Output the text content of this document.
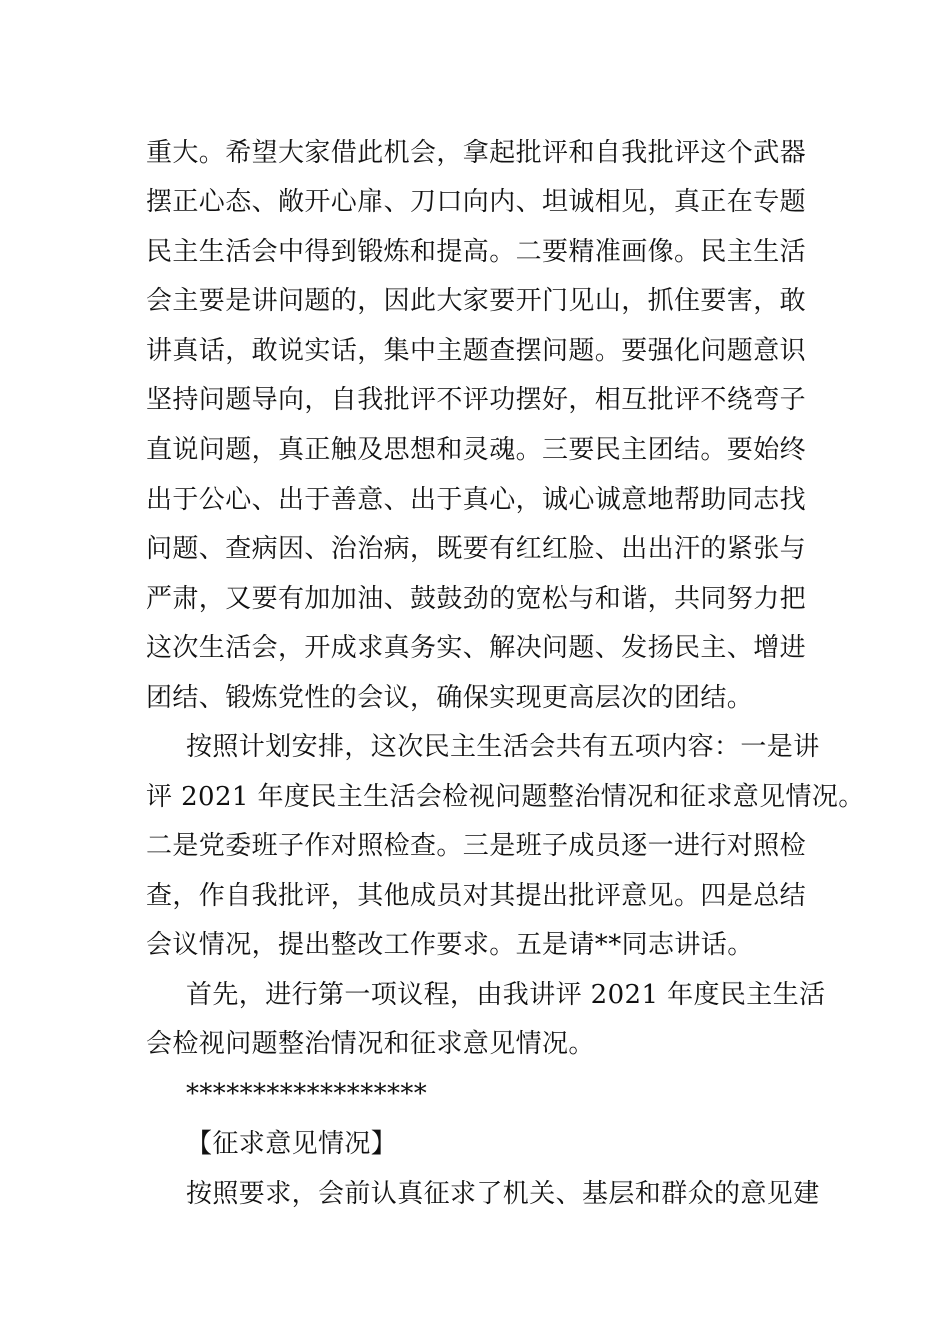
重大。希望大家借此机会，拿起批评和自我批评这个武器
摆正心态、敞开心扉、刀口向内、坦诚相见，真正在专题
民主生活会中得到锻炼和提高。二要精准画像。民主生活
会主要是讲问题的，因此大家要开门见山，抓住要害，敢
讲真话，敢说实话，集中主题查摆问题。要强化问题意识
坚持问题导向，自我批评不评功摆好，相互批评不绕弯子
直说问题，真正触及思想和灵魂。三要民主团结。要始终
出于公心、出于善意、出于真心，诚心诚意地帮助同志找
问题、查病因、治治病，既要有红红脸、出出汗的紧张与
严肃，又要有加加油、鼓鼓劲的宽松与和谐，共同努力把
这次生活会，开成求真务实、解决问题、发扬民主、增进
团结、锻炼党性的会议，确保实现更高层次的团结。
按照计划安排，这次民主生活会共有五项内容：一是讲
评 2021 年度民主生活会检视问题整治情况和征求意见情况。
二是党委班子作对照检查。三是班子成员逐一进行对照检
查，作自我批评，其他成员对其提出批评意见。四是总结
会议情况，提出整改工作要求。五是请**同志讲话。
首先，进行第一项议程，由我讲评 2021 年度民主生活
会检视问题整治情况和征求意见情况。
******************
【征求意见情况】
按照要求，会前认真征求了机关、基层和群众的意见建
